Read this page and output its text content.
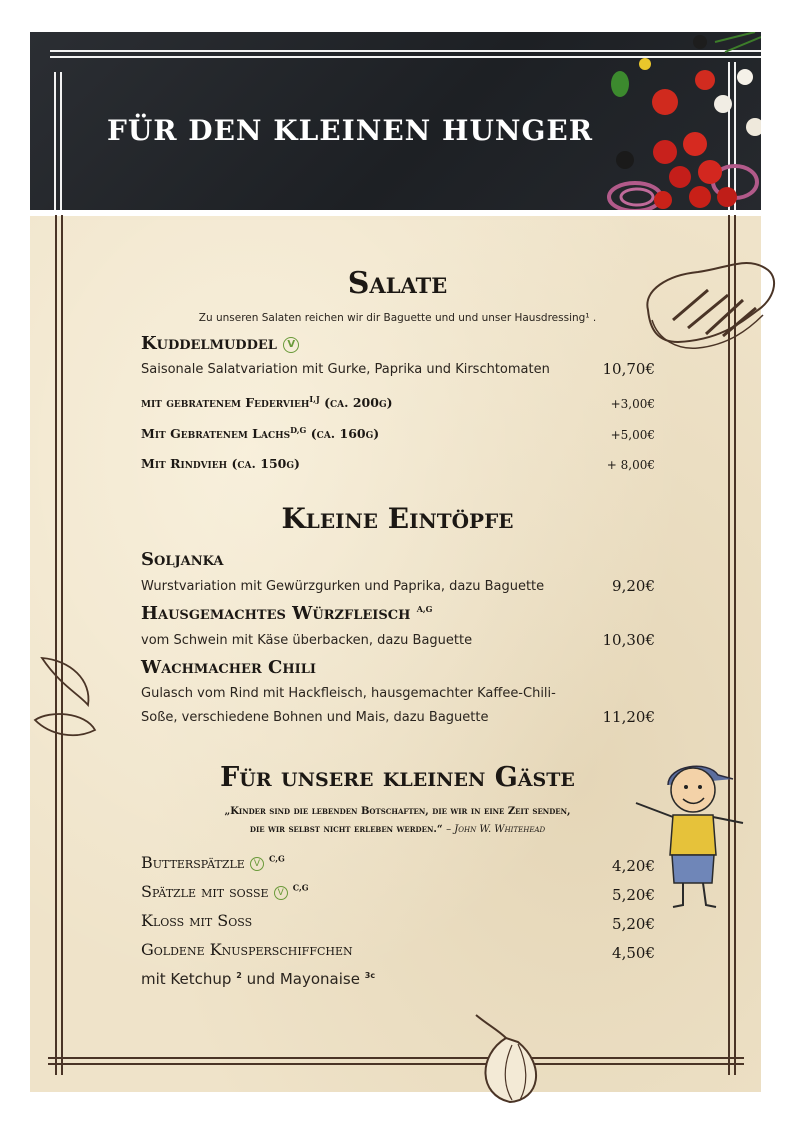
FÜR DEN KLEINEN HUNGER
Salate
Zu unseren Salaten reichen wir dir Baguette und und unser Hausdressing¹ .
Kuddelmuddel V
Saisonale Salatvariation mit Gurke, Paprika und Kirschtomaten	10,70€
mit gebratenem Federvieh$^{I,J}$ (ca. 200g)	+3,00€
Mit Gebratenem Lachs$^{D,G}$ (ca. 160g)	+5,00€
Mit Rindvieh (ca. 150g)	+ 8,00€
Kleine Eintöpfe
Soljanka
Wurstvariation mit Gewürzgurken und Paprika, dazu Baguette	9,20€
Hausgemachtes Würzfleisch $^{A,G}$
vom Schwein mit Käse überbacken, dazu Baguette	10,30€
Wachmacher Chili
Gulasch vom Rind mit Hackfleisch, hausgemachter Kaffee-Chili-
Soße, verschiedene Bohnen und Mais, dazu Baguette	11,20€
Für unsere kleinen Gäste
„Kinder sind die lebenden Botschaften, die wir in eine Zeit senden,
die wir selbst nicht erleben werden.“ – John W. Whitehead
Butterspätzle V $^{C,G}$	4,20€
Spätzle mit sosse V $^{C,G}$	5,20€
Kloss mit Soss	5,20€
Goldene Knusperschiffchen	4,50€
mit Ketchup $^2$ und Mayonaise $^{3c}$
